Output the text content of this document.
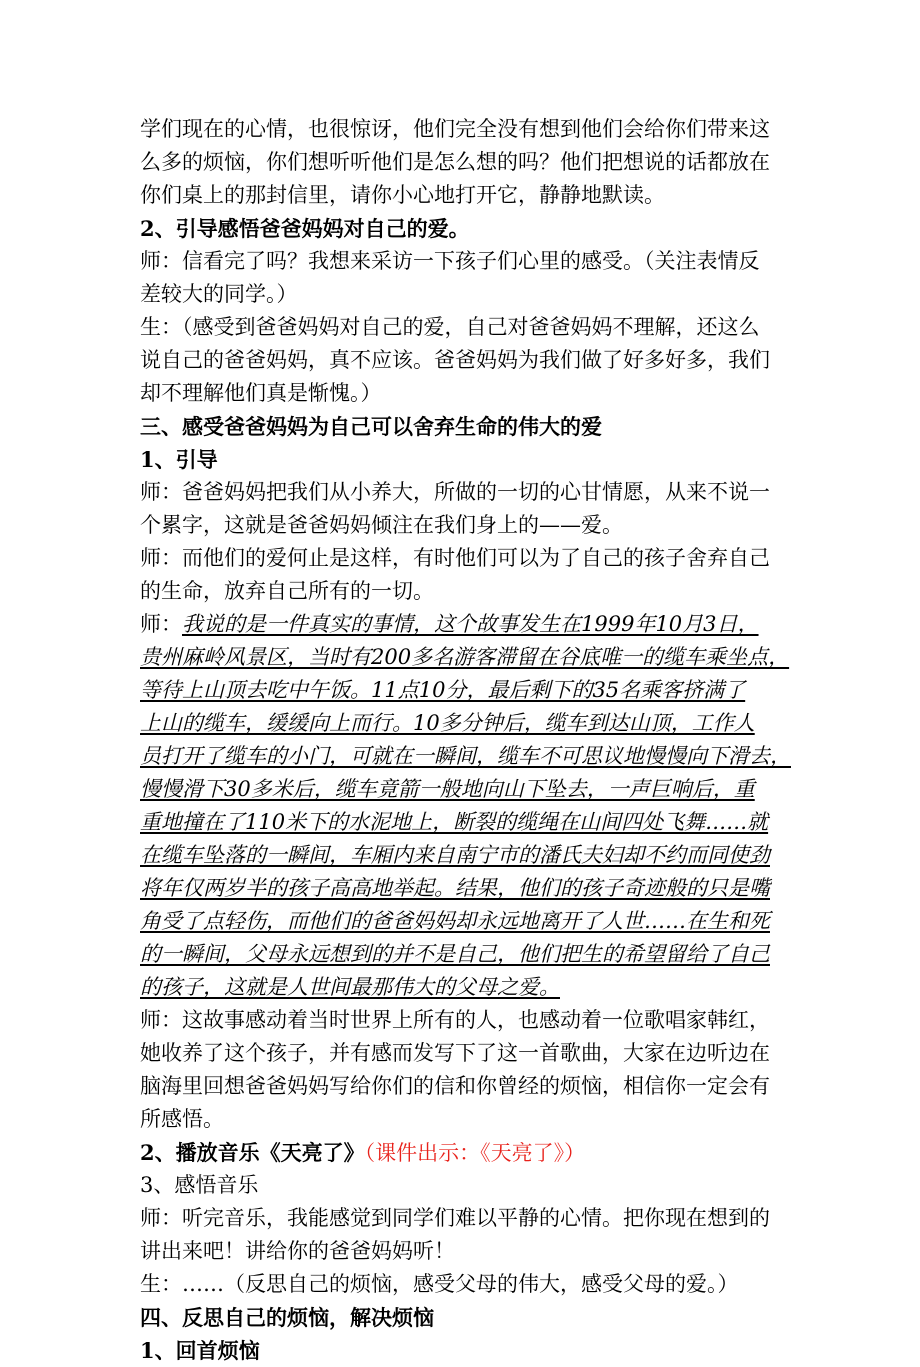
学们现在的心情，也很惊讶，他们完全没有想到他们会给你们带来这
么多的烦恼，你们想听听他们是怎么想的吗？他们把想说的话都放在
你们桌上的那封信里，请你小心地打开它，静静地默读。
2、引导感悟爸爸妈妈对自己的爱。
师：信看完了吗？我想来采访一下孩子们心里的感受。（关注表情反
差较大的同学。）
生：（感受到爸爸妈妈对自己的爱，自己对爸爸妈妈不理解，还这么
说自己的爸爸妈妈，真不应该。爸爸妈妈为我们做了好多好多，我们
却不理解他们真是惭愧。）
三、感受爸爸妈妈为自己可以舍弃生命的伟大的爱
1、引导
师：爸爸妈妈把我们从小养大，所做的一切的心甘情愿，从来不说一
个累字，这就是爸爸妈妈倾注在我们身上的——爱。
师：而他们的爱何止是这样，有时他们可以为了自己的孩子舍弃自己
的生命，放弃自己所有的一切。
师：我说的是一件真实的事情，这个故事发生在1999年10月3日，
贵州麻岭风景区，当时有200多名游客滞留在谷底唯一的缆车乘坐点，
等待上山顶去吃中午饭。11点10分，最后剩下的35名乘客挤满了
上山的缆车，缓缓向上而行。10多分钟后，缆车到达山顶，工作人
员打开了缆车的小门，可就在一瞬间，缆车不可思议地慢慢向下滑去，
慢慢滑下30多米后，缆车竟箭一般地向山下坠去，一声巨响后，重
重地撞在了110米下的水泥地上，断裂的缆绳在山间四处飞舞……就
在缆车坠落的一瞬间，车厢内来自南宁市的潘氏夫妇却不约而同使劲
将年仅两岁半的孩子高高地举起。结果，他们的孩子奇迹般的只是嘴
角受了点轻伤，而他们的爸爸妈妈却永远地离开了人世……在生和死
的一瞬间，父母永远想到的并不是自己，他们把生的希望留给了自己
的孩子，这就是人世间最那伟大的父母之爱。
师：这故事感动着当时世界上所有的人，也感动着一位歌唱家韩红，
她收养了这个孩子，并有感而发写下了这一首歌曲，大家在边听边在
脑海里回想爸爸妈妈写给你们的信和你曾经的烦恼，相信你一定会有
所感悟。
2、播放音乐《天亮了》（课件出示：《天亮了》）
3、感悟音乐
师：听完音乐，我能感觉到同学们难以平静的心情。把你现在想到的
讲出来吧！讲给你的爸爸妈妈听！
生：……（反思自己的烦恼，感受父母的伟大，感受父母的爱。）
四、反思自己的烦恼，解决烦恼
1、回首烦恼
